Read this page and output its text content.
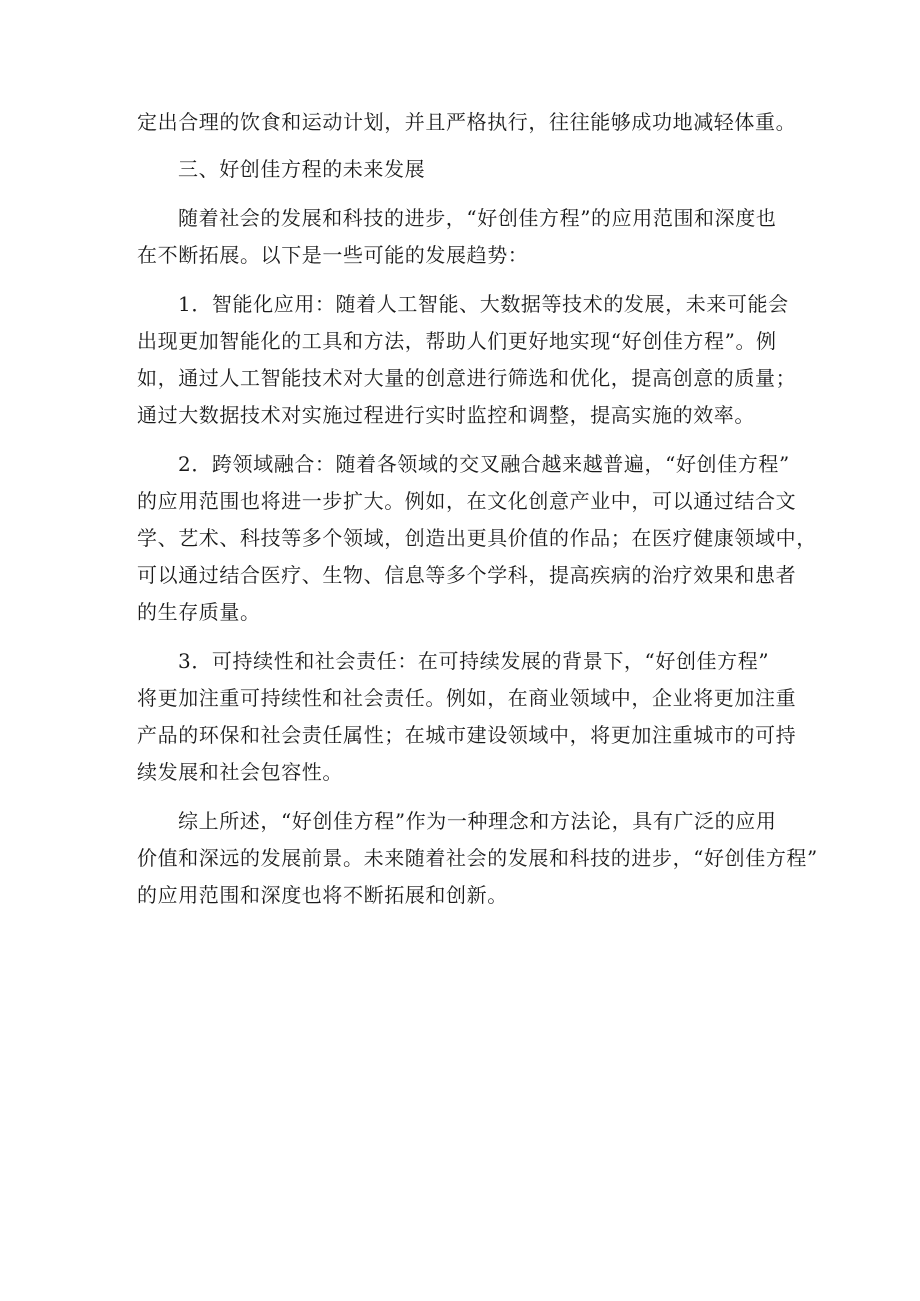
定出合理的饮食和运动计划，并且严格执行，往往能够成功地减轻体重。

三、好创佳方程的未来发展

随着社会的发展和科技的进步，“好创佳方程”的应用范围和深度也
在不断拓展。以下是一些可能的发展趋势：

1．智能化应用：随着人工智能、大数据等技术的发展，未来可能会
出现更加智能化的工具和方法，帮助人们更好地实现“好创佳方程”。例
如，通过人工智能技术对大量的创意进行筛选和优化，提高创意的质量；
通过大数据技术对实施过程进行实时监控和调整，提高实施的效率。

2．跨领域融合：随着各领域的交叉融合越来越普遍，“好创佳方程”
的应用范围也将进一步扩大。例如，在文化创意产业中，可以通过结合文
学、艺术、科技等多个领域，创造出更具价值的作品；在医疗健康领域中，
可以通过结合医疗、生物、信息等多个学科，提高疾病的治疗效果和患者
的生存质量。

3．可持续性和社会责任：在可持续发展的背景下，“好创佳方程”
将更加注重可持续性和社会责任。例如，在商业领域中，企业将更加注重
产品的环保和社会责任属性；在城市建设领域中，将更加注重城市的可持
续发展和社会包容性。

综上所述，“好创佳方程”作为一种理念和方法论，具有广泛的应用
价值和深远的发展前景。未来随着社会的发展和科技的进步，“好创佳方程”
的应用范围和深度也将不断拓展和创新。
